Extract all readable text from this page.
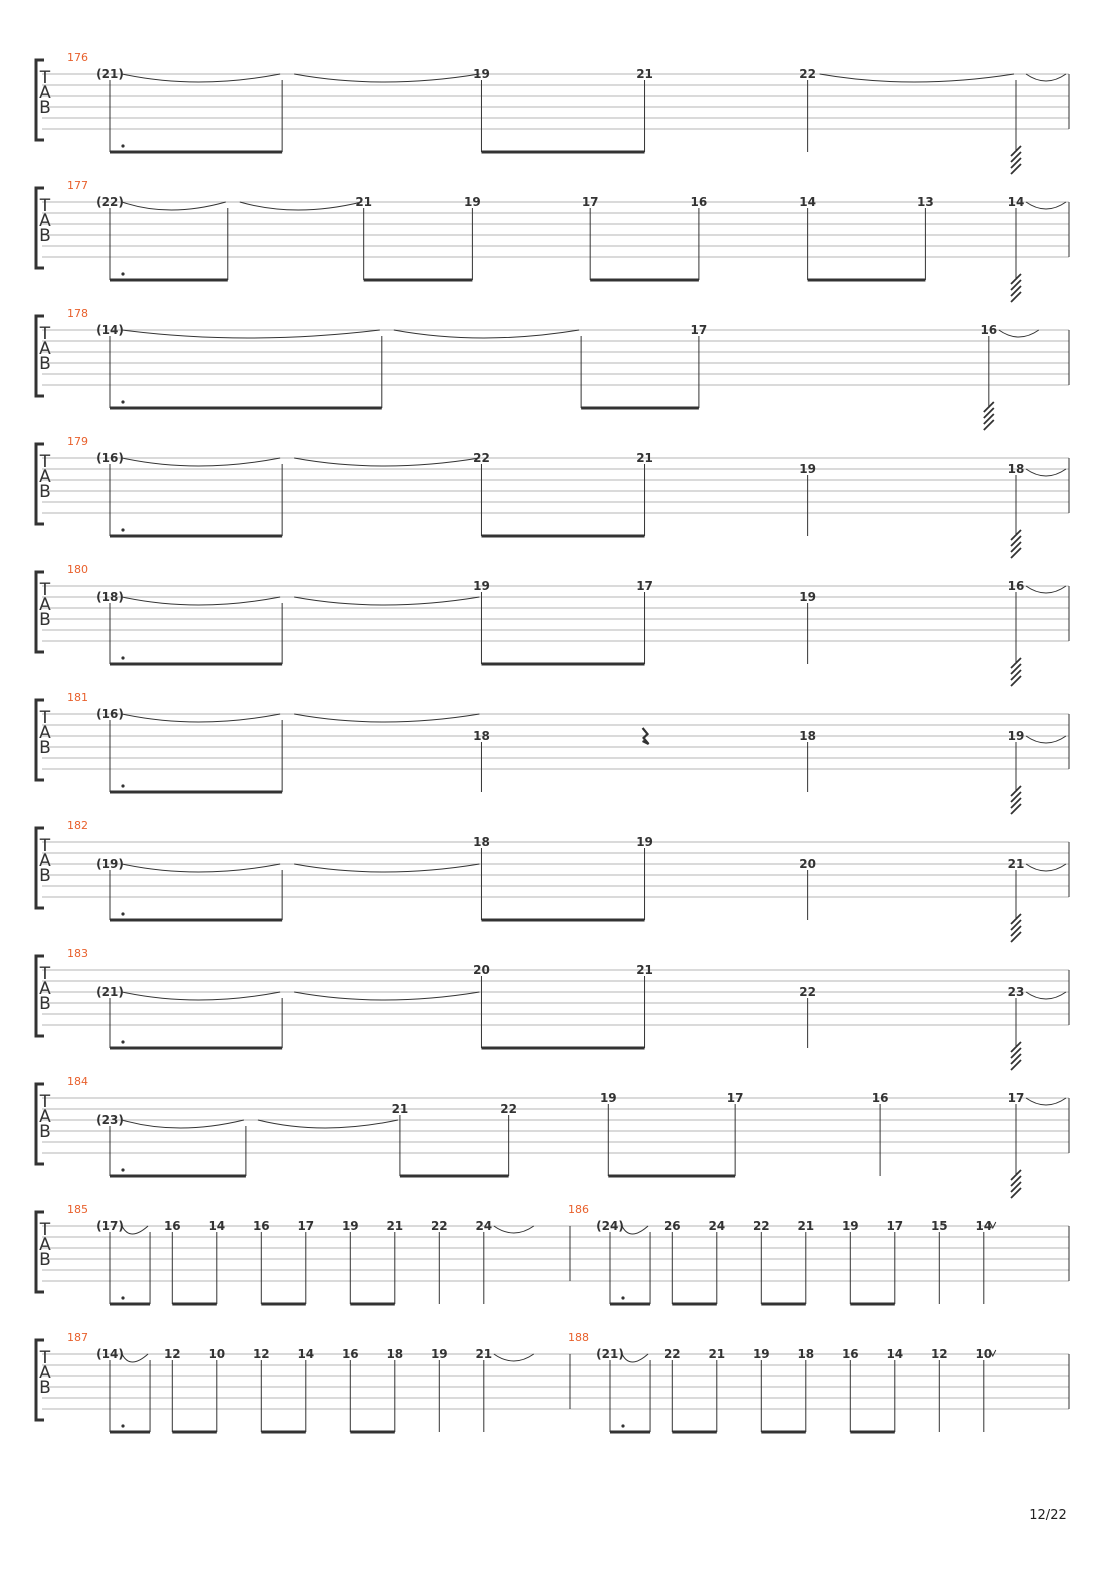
T
A
B
176
(21)	19	21	22
T
A
B
177
(22)	21	19	17	16	14	13	14
T
A
B
178
(14)	17	16
T
A
B
179
(16)	22	21
19	18
T
A
B
180
(18)
19	17
19
16
T
A
B
181
(16)
18	18	19
T
A
B
182
(19)
18	19
20	21
T
A
B
183
(21)
20	21
22	23
T
A
B
184
(23)
21	22
19	17	16	17
T
A
B
185
(17)	16 14 16 17 19 21 22 24
186
(24)	26 24 22 21 19 17 15 14
T
A
B
187
(14)	12 10 12 14 16 18 19 21
188
(21)	22 21 19 18 16 14 12 10
12/22
